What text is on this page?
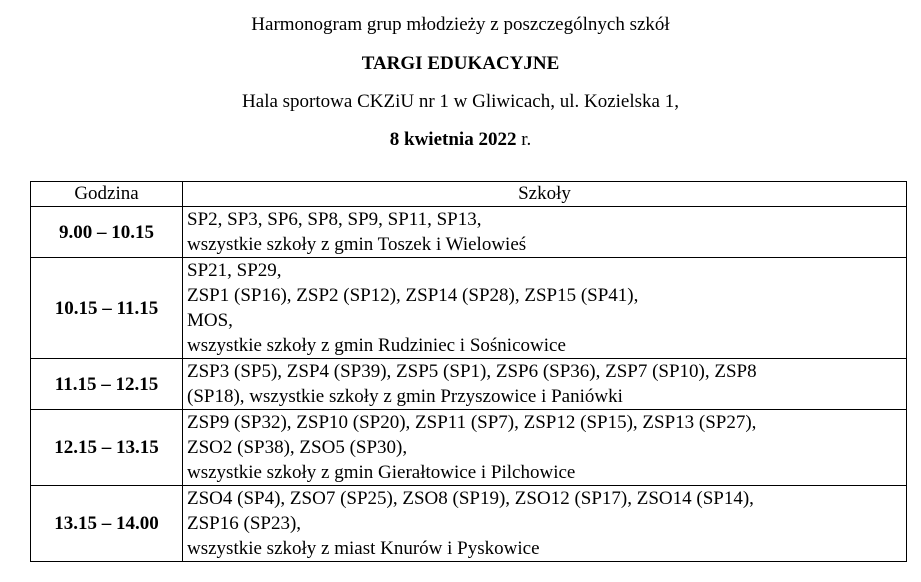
Harmonogram grup młodzieży z poszczególnych szkół
TARGI EDUKACYJNE
Hala sportowa CKZiU nr 1 w Gliwicach, ul. Kozielska 1,
8 kwietnia 2022 r.
Godzina	Szkoły
9.00 – 10.15	SP2, SP3, SP6, SP8, SP9, SP11, SP13,
wszystkie szkoły z gmin Toszek i Wielowieś

10.15 – 11.15	SP21, SP29,
ZSP1 (SP16), ZSP2 (SP12), ZSP14 (SP28), ZSP15 (SP41),
MOS,
wszystkie szkoły z gmin Rudziniec i Sośnicowice

11.15 – 12.15	ZSP3 (SP5), ZSP4 (SP39), ZSP5 (SP1), ZSP6 (SP36), ZSP7 (SP10), ZSP8
(SP18), wszystkie szkoły z gmin Przyszowice i Paniówki

12.15 – 13.15	ZSP9 (SP32), ZSP10 (SP20), ZSP11 (SP7), ZSP12 (SP15), ZSP13 (SP27),
ZSO2 (SP38), ZSO5 (SP30),
wszystkie szkoły z gmin Gierałtowice i Pilchowice

13.15 – 14.00	ZSO4 (SP4), ZSO7 (SP25), ZSO8 (SP19), ZSO12 (SP17), ZSO14 (SP14),
ZSP16 (SP23),
wszystkie szkoły z miast Knurów i Pyskowice
